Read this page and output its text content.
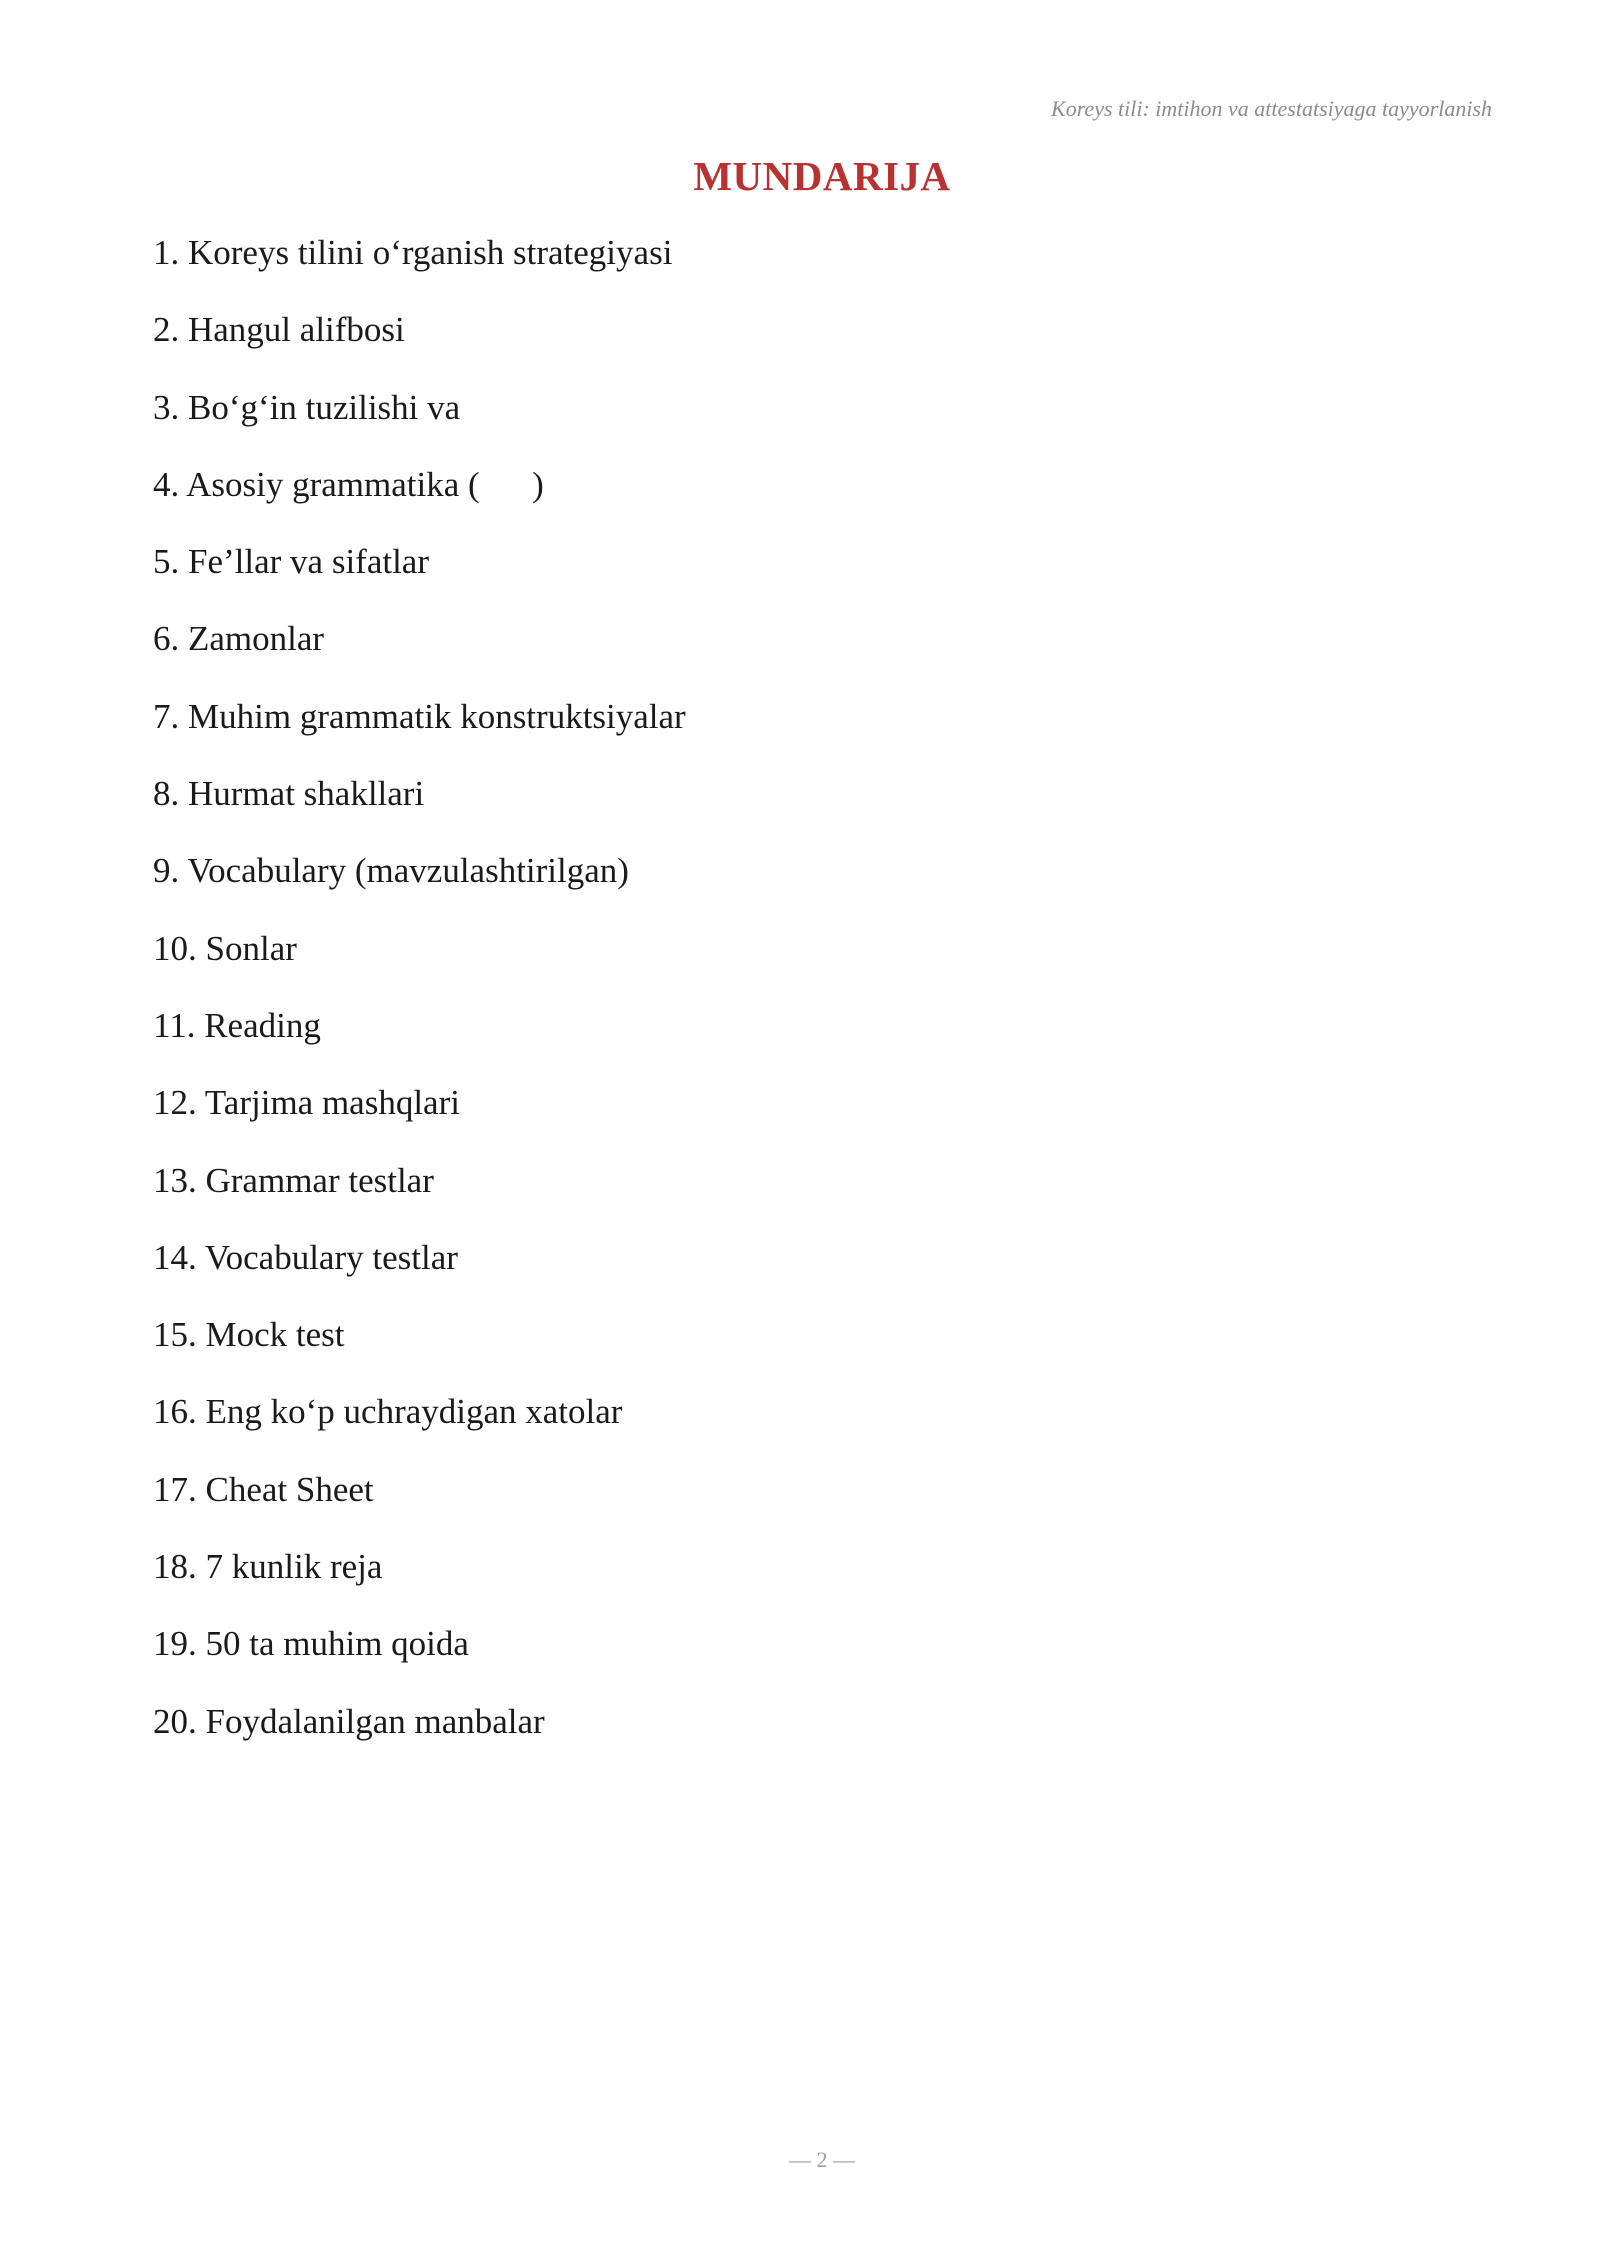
Koreys tili: imtihon va attestatsiyaga tayyorlanish
MUNDARIJA
1. Koreys tilini o‘rganish strategiyasi
2. Hangul alifbosi
3. Bo‘g‘in tuzilishi va
4. Asosiy grammatika (      )
5. Fe’llar va sifatlar
6. Zamonlar
7. Muhim grammatik konstruktsiyalar
8. Hurmat shakllari
9. Vocabulary (mavzulashtirilgan)
10. Sonlar
11. Reading
12. Tarjima mashqlari
13. Grammar testlar
14. Vocabulary testlar
15. Mock test
16. Eng ko‘p uchraydigan xatolar
17. Cheat Sheet
18. 7 kunlik reja
19. 50 ta muhim qoida
20. Foydalanilgan manbalar
— 2 —
